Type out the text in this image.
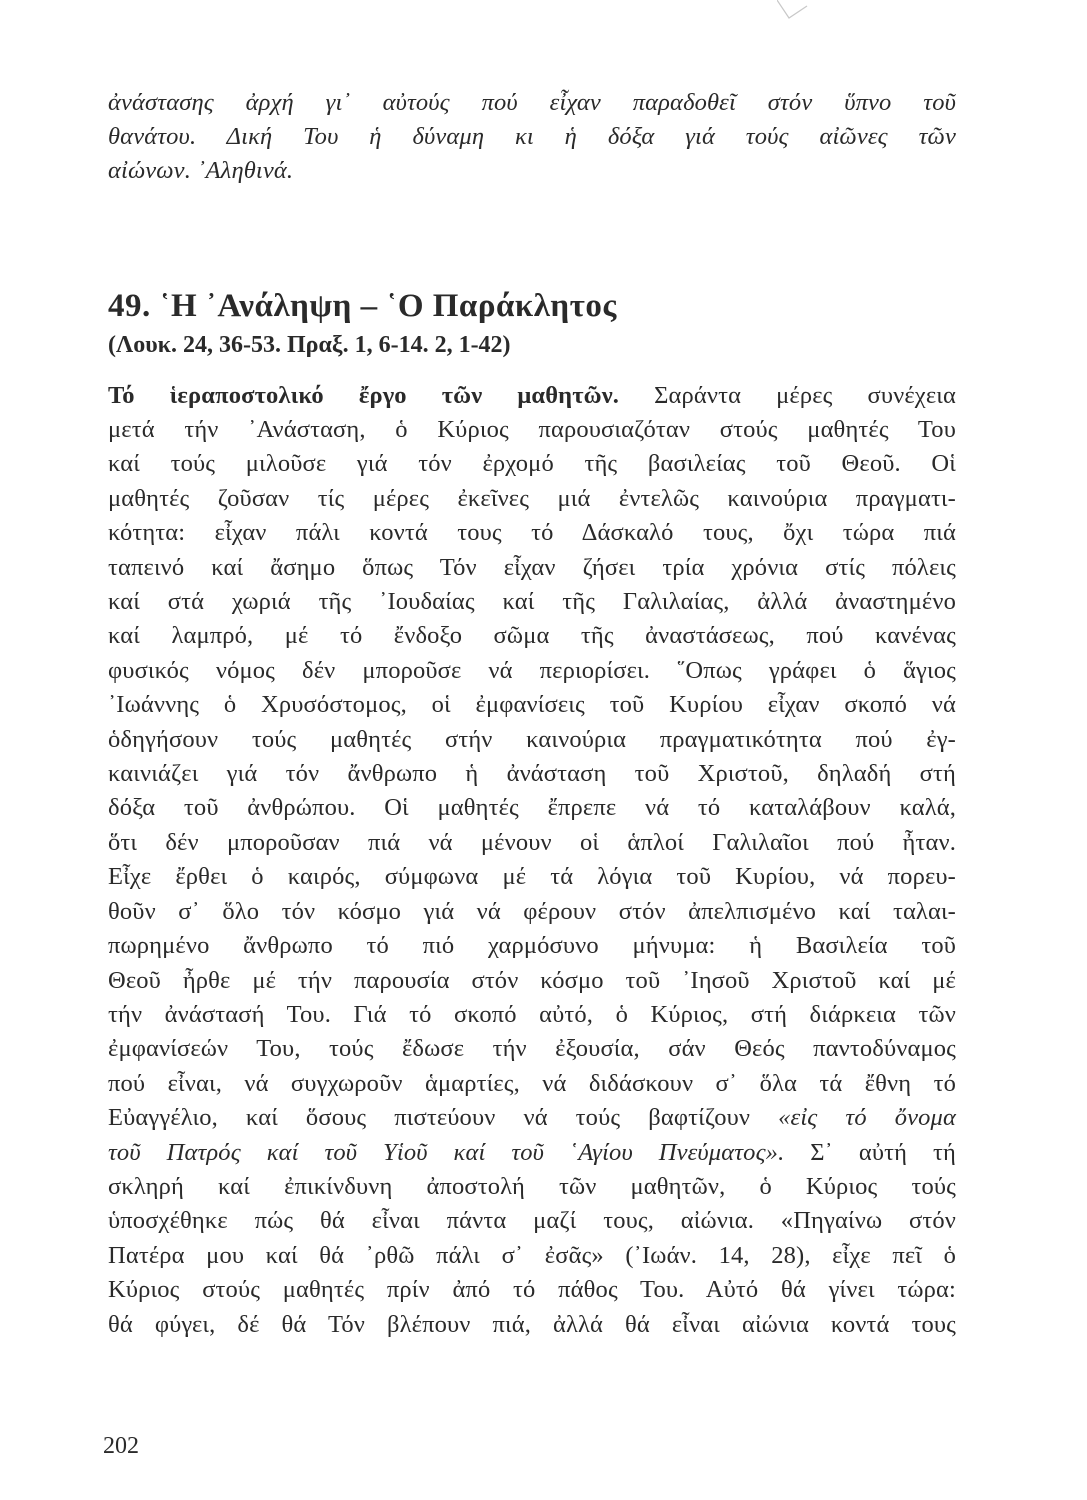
ἀνάστασης ἀρχή γι᾿ αὐτούς πού εἶχαν παραδοθεῖ στόν ὕπνο τοῦ
θανάτου. Δική Του ἡ δύναμη κι ἡ δόξα γιά τούς αἰῶνες τῶν
αἰώνων. ᾿Αληθινά.
49. ῾Η ᾿Ανάληψη – ῾Ο Παράκλητος
(Λουκ. 24, 36-53. Πραξ. 1, 6-14. 2, 1-42)
Τό ἱεραποστολικό ἔργο τῶν μαθητῶν. Σαράντα μέρες συνέχεια
μετά τήν ᾿Ανάσταση, ὁ Κύριος παρουσιαζόταν στούς μαθητές Του
καί τούς μιλοῦσε γιά τόν ἐρχομό τῆς βασιλείας τοῦ Θεοῦ. Οἱ
μαθητές ζοῦσαν τίς μέρες ἐκεῖνες μιά ἐντελῶς καινούρια πραγματι-
κότητα: εἶχαν πάλι κοντά τους τό Δάσκαλό τους, ὄχι τώρα πιά
ταπεινό καί ἄσημο ὅπως Τόν εἶχαν ζήσει τρία χρόνια στίς πόλεις
καί στά χωριά τῆς ᾿Ιουδαίας καί τῆς Γαλιλαίας, ἀλλά ἀναστημένο
καί λαμπρό, μέ τό ἔνδοξο σῶμα τῆς ἀναστάσεως, πού κανένας
φυσικός νόμος δέν μποροῦσε νά περιορίσει. ῞Οπως γράφει ὁ ἅγιος
᾿Ιωάννης ὁ Χρυσόστομος, οἱ ἐμφανίσεις τοῦ Κυρίου εἶχαν σκοπό νά
ὁδηγήσουν τούς μαθητές στήν καινούρια πραγματικότητα πού ἐγ-
καινιάζει γιά τόν ἄνθρωπο ἡ ἀνάσταση τοῦ Χριστοῦ, δηλαδή στή
δόξα τοῦ ἀνθρώπου. Οἱ μαθητές ἔπρεπε νά τό καταλάβουν καλά,
ὅτι δέν μποροῦσαν πιά νά μένουν οἱ ἁπλοί Γαλιλαῖοι πού ἦταν.
Εἶχε ἔρθει ὁ καιρός, σύμφωνα μέ τά λόγια τοῦ Κυρίου, νά πορευ-
θοῦν σ᾿ ὅλο τόν κόσμο γιά νά φέρουν στόν ἀπελπισμένο καί ταλαι-
πωρημένο ἄνθρωπο τό πιό χαρμόσυνο μήνυμα: ἡ Βασιλεία τοῦ
Θεοῦ ἦρθε μέ τήν παρουσία στόν κόσμο τοῦ ᾿Ιησοῦ Χριστοῦ καί μέ
τήν ἀνάστασή Του. Γιά τό σκοπό αὐτό, ὁ Κύριος, στή διάρκεια τῶν
ἐμφανίσεών Του, τούς ἔδωσε τήν ἐξουσία, σάν Θεός παντοδύναμος
πού εἶναι, νά συγχωροῦν ἁμαρτίες, νά διδάσκουν σ᾿ ὅλα τά ἔθνη τό
Εὐαγγέλιο, καί ὅσους πιστεύουν νά τούς βαφτίζουν «εἰς τό ὄνομα
τοῦ Πατρός καί τοῦ Υἱοῦ καί τοῦ ῾Αγίου Πνεύματος». Σ᾿ αὐτή τή
σκληρή καί ἐπικίνδυνη ἀποστολή τῶν μαθητῶν, ὁ Κύριος τούς
ὑποσχέθηκε πώς θά εἶναι πάντα μαζί τους, αἰώνια. «Πηγαίνω στόν
Πατέρα μου καί θά ᾿ρθῶ πάλι σ᾿ ἐσᾶς» (᾿Ιωάν. 14, 28), εἶχε πεῖ ὁ
Κύριος στούς μαθητές πρίν ἀπό τό πάθος Του. Αὐτό θά γίνει τώρα:
θά φύγει, δέ θά Τόν βλέπουν πιά, ἀλλά θά εἶναι αἰώνια κοντά τους
202
